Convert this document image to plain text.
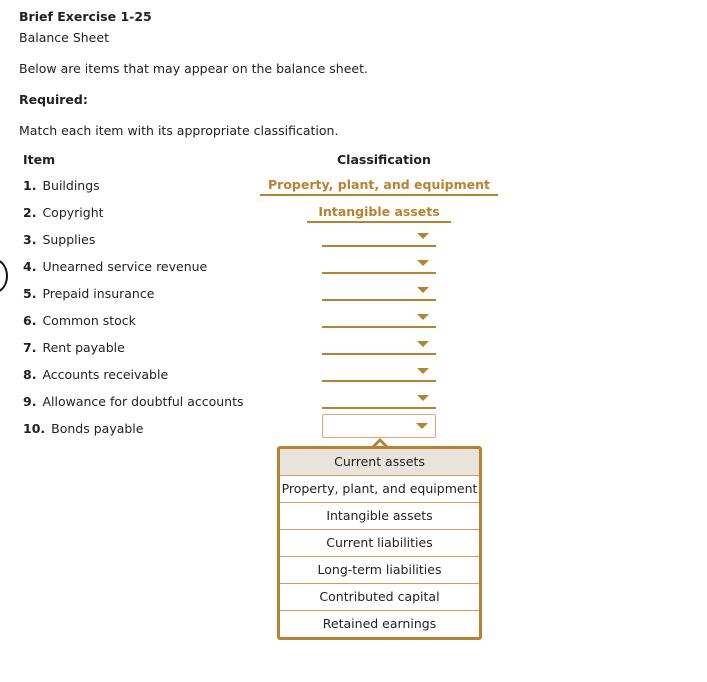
Brief Exercise 1-25
Balance Sheet
Below are items that may appear on the balance sheet.
Required:
Match each item with its appropriate classification.
Item	Classification
1. Buildings	Property, plant, and equipment
2. Copyright	Intangible assets
3. Supplies
4. Unearned service revenue
5. Prepaid insurance
6. Common stock
7. Rent payable
8. Accounts receivable
9. Allowance for doubtful accounts
10. Bonds payable
Current assets
Property, plant, and equipment
Intangible assets
Current liabilities
Long-term liabilities
Contributed capital
Retained earnings
